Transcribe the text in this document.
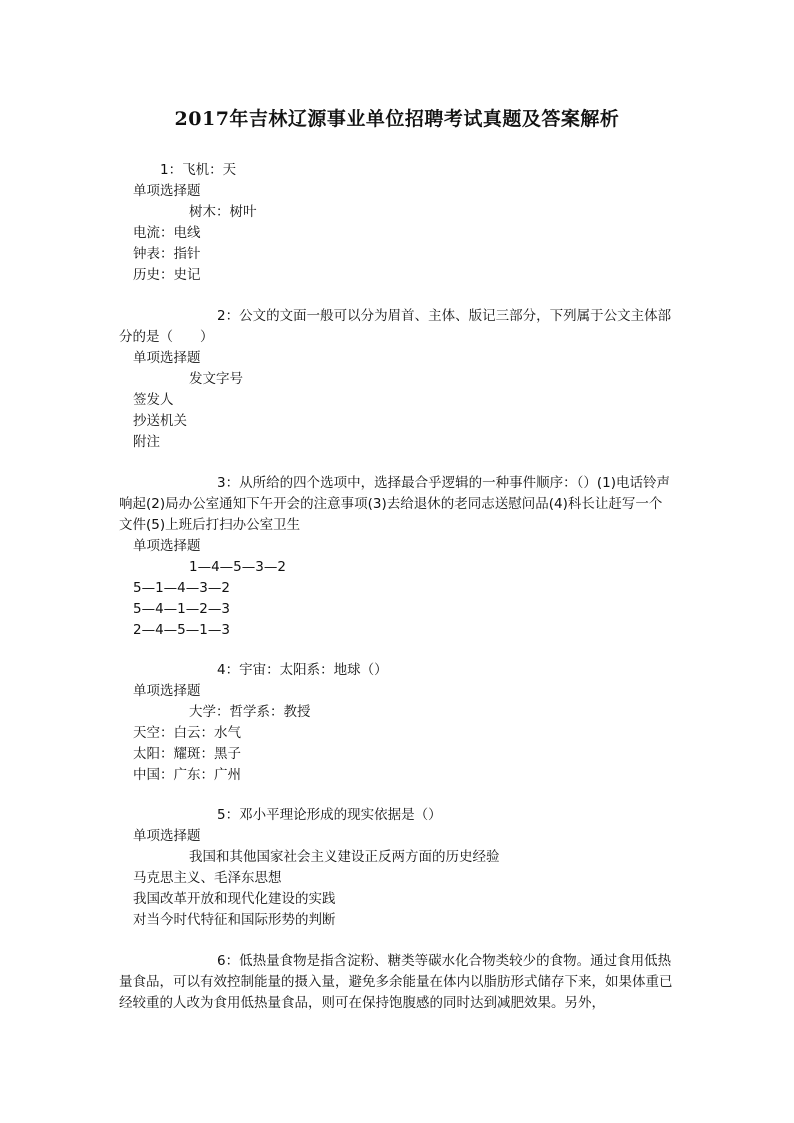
2017年吉林辽源事业单位招聘考试真题及答案解析
1：飞机：天
单项选择题
树木：树叶
电流：电线
钟表：指针
历史：史记
2：公文的文面一般可以分为眉首、主体、版记三部分，下列属于公文主体部分的是（　　）
单项选择题
发文字号
签发人
抄送机关
附注
3：从所给的四个选项中，选择最合乎逻辑的一种事件顺序：（）(1)电话铃声响起(2)局办公室通知下午开会的注意事项(3)去给退休的老同志送慰问品(4)科长让赶写一个文件(5)上班后打扫办公室卫生
单项选择题
1—4—5—3—2
5—1—4—3—2
5—4—1—2—3
2—4—5—1—3
4：宇宙：太阳系：地球（）
单项选择题
大学：哲学系：教授
天空：白云：水气
太阳：耀斑：黑子
中国：广东：广州
5：邓小平理论形成的现实依据是（）
单项选择题
我国和其他国家社会主义建设正反两方面的历史经验
马克思主义、毛泽东思想
我国改革开放和现代化建设的实践
对当今时代特征和国际形势的判断
6：低热量食物是指含淀粉、糖类等碳水化合物类较少的食物。通过食用低热量食品，可以有效控制能量的摄入量，避免多余能量在体内以脂肪形式储存下来，如果体重已经较重的人改为食用低热量食品，则可在保持饱腹感的同时达到减肥效果。另外，
